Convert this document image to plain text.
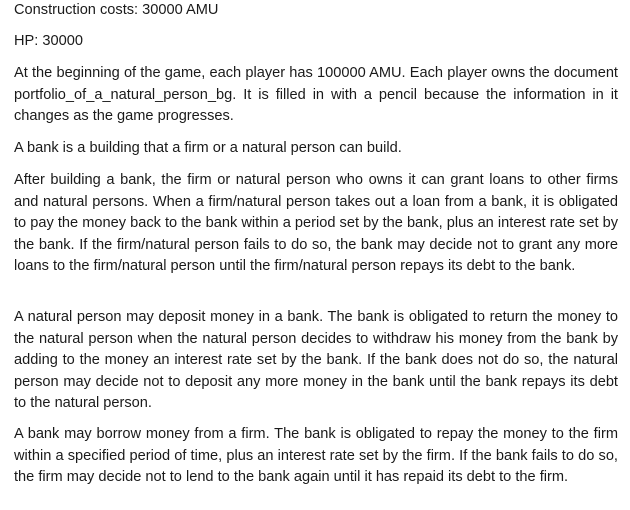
Construction costs: 30000 AMU

HP: 30000

At the beginning of the game, each player has 100000 AMU. Each player owns the document portfolio_of_a_natural_person_bg. It is filled in with a pencil because the information in it changes as the game progresses.

A bank is a building that a firm or a natural person can build.

After building a bank, the firm or natural person who owns it can grant loans to other firms and natural persons. When a firm/natural person takes out a loan from a bank, it is obligated to pay the money back to the bank within a period set by the bank, plus an interest rate set by the bank. If the firm/natural person fails to do so, the bank may decide not to grant any more loans to the firm/natural person until the firm/natural person repays its debt to the bank.

A natural person may deposit money in a bank. The bank is obligated to return the money to the natural person when the natural person decides to withdraw his money from the bank by adding to the money an interest rate set by the bank. If the bank does not do so, the natural person may decide not to deposit any more money in the bank until the bank repays its debt to the natural person.

A bank may borrow money from a firm. The bank is obligated to repay the money to the firm within a specified period of time, plus an interest rate set by the firm. If the bank fails to do so, the firm may decide not to lend to the bank again until it has repaid its debt to the firm.
